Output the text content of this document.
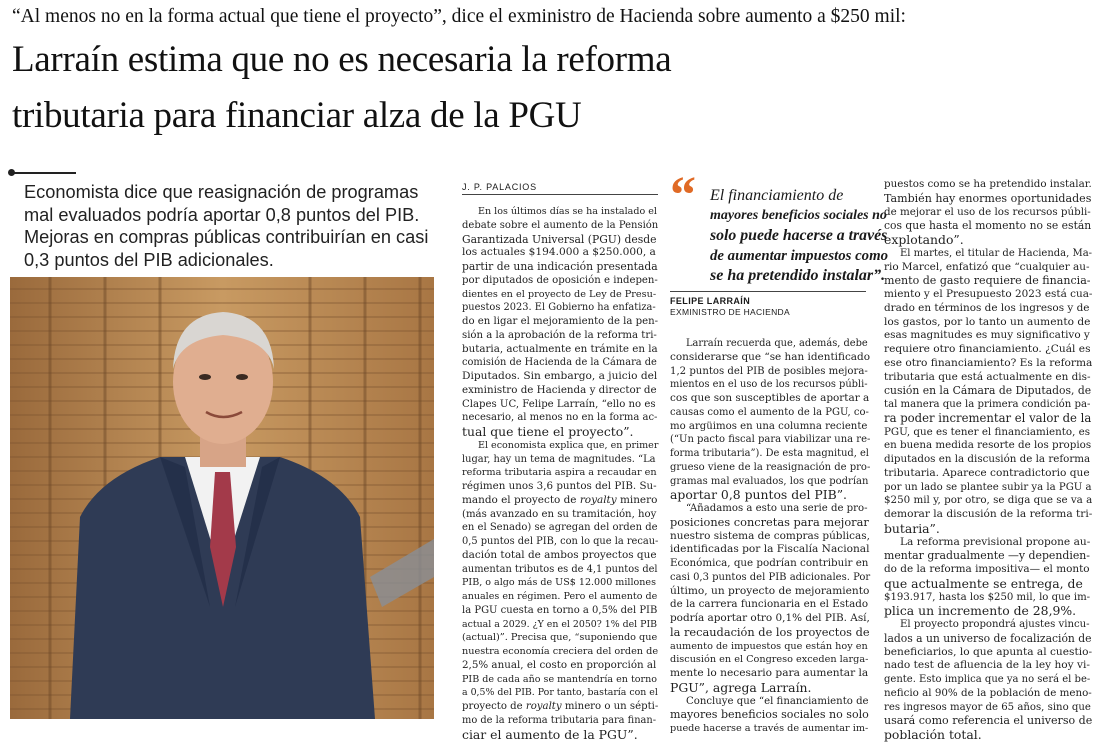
“Al menos no en la forma actual que tiene el proyecto”, dice el exministro de Hacienda sobre aumento a $250 mil:
Larraín estima que no es necesaria la reforma
tributaria para financiar alza de la PGU
Economista dice que reasignación de programas
mal evaluados podría aportar 0,8 puntos del PIB.
Mejoras en compras públicas contribuirían en casi
0,3 puntos del PIB adicionales.
J. P. PALACIOS

En los últimos días se ha instalado el

debate sobre el aumento de la Pensión

Garantizada Universal (PGU) desde

los actuales $194.000 a $250.000, a

partir de una indicación presentada

por diputados de oposición e indepen-

dientes en el proyecto de Ley de Presu-

puestos 2023. El Gobierno ha enfatiza-

do en ligar el mejoramiento de la pen-

sión a la aprobación de la reforma tri-

butaria, actualmente en trámite en la

comisión de Hacienda de la Cámara de

Diputados. Sin embargo, a juicio del

exministro de Hacienda y director de

Clapes UC, Felipe Larraín, “ello no es

necesario, al menos no en la forma ac-

tual que tiene el proyecto”.

El economista explica que, en primer

lugar, hay un tema de magnitudes. “La

reforma tributaria aspira a recaudar en

régimen unos 3,6 puntos del PIB. Su-

mando el proyecto de royalty minero

(más avanzado en su tramitación, hoy

en el Senado) se agregan del orden de

0,5 puntos del PIB, con lo que la recau-

dación total de ambos proyectos que

aumentan tributos es de 4,1 puntos del

PIB, o algo más de US$ 12.000 millones

anuales en régimen. Pero el aumento de

la PGU cuesta en torno a 0,5% del PIB

actual a 2029. ¿Y en el 2050? 1% del PIB

(actual)”. Precisa que, “suponiendo que

nuestra economía creciera del orden de

2,5% anual, el costo en proporción al

PIB de cada año se mantendría en torno

a 0,5% del PIB. Por tanto, bastaría con el

proyecto de royalty minero o un sépti-

mo de la reforma tributaria para finan-

ciar el aumento de la PGU”.

“ El financiamiento de
mayores beneficios sociales no
solo puede hacerse a través
de aumentar impuestos como
se ha pretendido instalar”.
FELIPE LARRAÍN
EXMINISTRO DE HACIENDA

Larraín recuerda que, además, debe

considerarse que “se han identificado

1,2 puntos del PIB de posibles mejora-

mientos en el uso de los recursos públi-

cos que son susceptibles de aportar a

causas como el aumento de la PGU, co-

mo argüimos en una columna reciente

(“Un pacto fiscal para viabilizar una re-

forma tributaria”). De esta magnitud, el

grueso viene de la reasignación de pro-

gramas mal evaluados, los que podrían

aportar 0,8 puntos del PIB”.

“Añadamos a esto una serie de pro-

posiciones concretas para mejorar

nuestro sistema de compras públicas,

identificadas por la Fiscalía Nacional

Económica, que podrían contribuir en

casi 0,3 puntos del PIB adicionales. Por

último, un proyecto de mejoramiento

de la carrera funcionaria en el Estado

podría aportar otro 0,1% del PIB. Así,

la recaudación de los proyectos de

aumento de impuestos que están hoy en

discusión en el Congreso exceden larga-

mente lo necesario para aumentar la

PGU”, agrega Larraín.

Concluye que “el financiamiento de

mayores beneficios sociales no solo

puede hacerse a través de aumentar im-

puestos como se ha pretendido instalar.

También hay enormes oportunidades

de mejorar el uso de los recursos públi-

cos que hasta el momento no se están

explotando”.

El martes, el titular de Hacienda, Ma-

rio Marcel, enfatizó que “cualquier au-

mento de gasto requiere de financia-

miento y el Presupuesto 2023 está cua-

drado en términos de los ingresos y de

los gastos, por lo tanto un aumento de

esas magnitudes es muy significativo y

requiere otro financiamiento. ¿Cuál es

ese otro financiamiento? Es la reforma

tributaria que está actualmente en dis-

cusión en la Cámara de Diputados, de

tal manera que la primera condición pa-

ra poder incrementar el valor de la

PGU, que es tener el financiamiento, es

en buena medida resorte de los propios

diputados en la discusión de la reforma

tributaria. Aparece contradictorio que

por un lado se plantee subir ya la PGU a

$250 mil y, por otro, se diga que se va a

demorar la discusión de la reforma tri-

butaria”.

La reforma previsional propone au-

mentar gradualmente —y dependien-

do de la reforma impositiva— el monto

que actualmente se entrega, de

$193.917, hasta los $250 mil, lo que im-

plica un incremento de 28,9%.

El proyecto propondrá ajustes vincu-

lados a un universo de focalización de

beneficiarios, lo que apunta al cuestio-

nado test de afluencia de la ley hoy vi-

gente. Esto implica que ya no será el be-

neficio al 90% de la población de meno-

res ingresos mayor de 65 años, sino que

usará como referencia el universo de

población total.
